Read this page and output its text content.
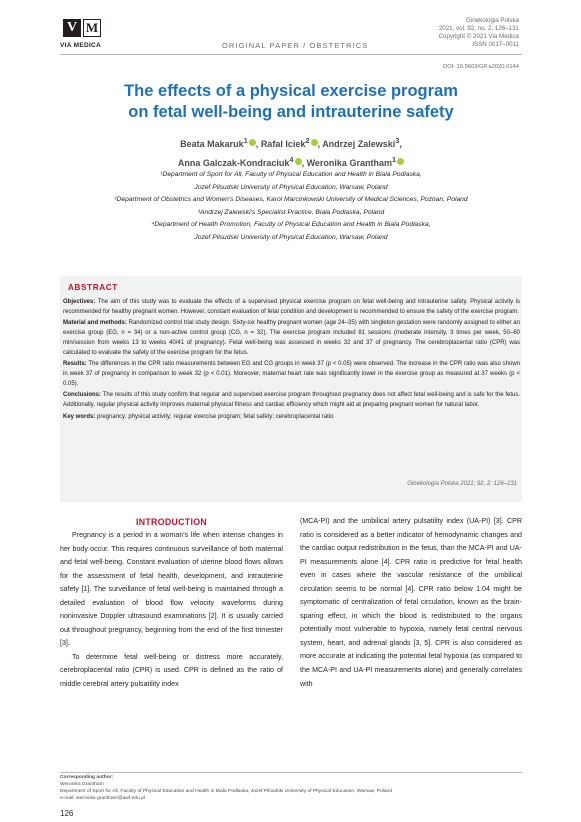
V M
VIA MEDICA	ORIGINAL PAPER / OBSTETRICS
Ginekologia Polska
2021, vol. 92, no. 2, 126–131
Copyright © 2021 Via Medica
ISSN 0017–0011
DOI: 10.5603/GP.a2020.0144
The effects of a physical exercise program
on fetal well-being and intrauterine safety
Beata Makaruk$^1$ , Rafal Iciek$^2$ , Andrzej Zalewski$^3$,
Anna Galczak-Kondraciuk$^4$ , Weronika Grantham$^1$
¹Department of Sport for All, Faculty of Physical Education and Health in Biala Podlaska,
Jozef Pilsudski University of Physical Education, Warsaw, Poland
²Department of Obstetrics and Women's Diseases, Karol Marcinkowski University of Medical Sciences, Poznan, Poland
³Andrzej Zalewski's Specialist Practice, Biala Podlaska, Poland
⁴Department of Health Promotion, Faculty of Physical Education and Health in Biala Podlaska,
Jozef Pilsudski University of Physical Education, Warsaw, Poland
ABSTRACT

Objectives: The aim of this study was to evaluate the effects of a supervised physical exercise program on fetal well-being and intrauterine safety. Physical activity is recommended for healthy pregnant women. However, constant evaluation of fetal condition and development is recommended to ensure the safety of the exercise program.

Material and methods: Randomized control trial study design. Sixty-six healthy pregnant women (age 24–35) with singleton gestation were randomly assigned to either an exercise group (EG, n = 34) or a non-active control group (CG, n = 32). The exercise program included 81 sessions (moderate intensity, 3 times per week, 50–60 min/session from weeks 13 to weeks 40/41 of pregnancy). Fetal well-being was assessed in weeks 32 and 37 of pregnancy. The cerebroplacental ratio (CPR) was calculated to evaluate the safety of the exercise program for the fetus.

Results: The differences in the CPR ratio measurements between EG and CG groups in week 37 (p < 0.05) were observed. The increase in the CPR ratio was also shown in week 37 of pregnancy in comparison to week 32 (p < 0.01). Moreover, maternal heart rate was significantly lower in the exercise group as measured at 37 weeks (p < 0.05).

Conclusions: The results of this study confirm that regular and supervised exercise program throughout pregnancy does not affect fetal well-being and is safe for the fetus. Additionally, regular physical activity improves maternal physical fitness and cardiac efficiency which might aid at preparing pregnant women for natural labor.

Key words: pregnancy; physical activity; regular exercise program; fetal safety; cerebroplacental ratio

Ginekologia Polska 2021; 92, 2: 126–131
INTRODUCTION

Pregnancy is a period in a woman's life when intense changes in her body occur. This requires continuous surveillance of both maternal and fetal well-being. Constant evaluation of uterine blood flows allows for the assessment of fetal health, development, and intrauterine safety [1]. The surveillance of fetal well-being is maintained through a detailed evaluation of blood flow velocity waveforms during noninvasive Doppler ultrasound examinations [2]. It is usually carried out throughout pregnancy, beginning from the end of the first trimester [3].

To determine fetal well-being or distress more accurately, cerebroplacental ratio (CPR) is used. CPR is defined as the ratio of middle cerebral artery pulsatility index

(MCA-PI) and the umbilical artery pulsatility index (UA-PI) [3]. CPR ratio is considered as a better indicator of hemodynamic changes and the cardiac output redistribution in the fetus, than the MCA-PI and UA-PI measurements alone [4]. CPR ratio is predictive for fetal health even in cases where the vascular resistance of the umbilical circulation seems to be normal [4]. CPR ratio below 1.04 might be symptomatic of centralization of fetal circulation, known as the brain-sparing effect, in which the blood is redistributed to the organs potentially most vulnerable to hypoxia, namely fetal central nervous system, heart, and adrenal glands [3, 5]. CPR is also considered as more accurate at indicating the potential fetal hypoxia (as compared to the MCA-PI and UA-PI measurements alone) and generally correlates with

Corresponding author:
Weronika Grantham
Department of Sport for All, Faculty of Physical Education and Health in Biala Podlaska, Jozef Pilsudski University of Physical Education, Warsaw, Poland
e-mail: weronika.grantham@awf.edu.pl
126
